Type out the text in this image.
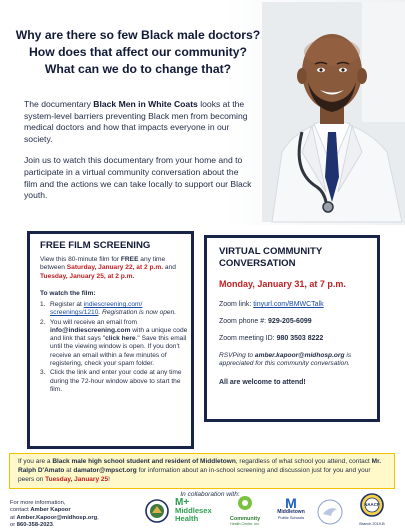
Why are there so few Black male doctors?
How does that affect our community?
What can we do to change that?

The documentary Black Men in White Coats looks at the system-level barriers preventing Black men from becoming medical doctors and how that impacts everyone in our society.

Join us to watch this documentary from your home and to participate in a virtual community conversation about the film and the actions we can take locally to support our Black youth.

FREE FILM SCREENING
View this 80-minute film for FREE any time between Saturday, January 22, at 2 p.m. and Tuesday, January 25, at 2 p.m.
To watch the film:
1. Register at indiescreening.com/ screenings/1210. Registration is now open.
2. You will receive an email from info@indiescreening.com with a unique code and link that says "click here." Save this email until the viewing window is open. If you don't receive an email within a few minutes of registering, check your spam folder.
3. Click the link and enter your code at any time during the 72-hour window above to start the film.
VIRTUAL COMMUNITY CONVERSATION
Monday, January 31, at 7 p.m.
Zoom link: tinyurl.com/BMWCTalk
Zoom phone #: 929-205-6099
Zoom meeting ID: 980 3503 8222
RSVPing to amber.kapoor@midhosp.org is appreciated for this community conversation.
All are welcome to attend!
If you are a Black male high school student and resident of Middletown, regardless of what school you attend, contact Mr. Ralph D'Amato at damator@mpsct.org for information about an in-school screening and discussion just for you and your peers on Tuesday, January 25!
For more information,
contact Amber Kapoor
at Amber.Kapoor@midhosp.org,
or 860-358-2023.
In collaboration with:
M+
Middlesex
Health	Community
Health Center, Inc.
M
Middletown
Public Schools
NAACP
Branch 2019-B
